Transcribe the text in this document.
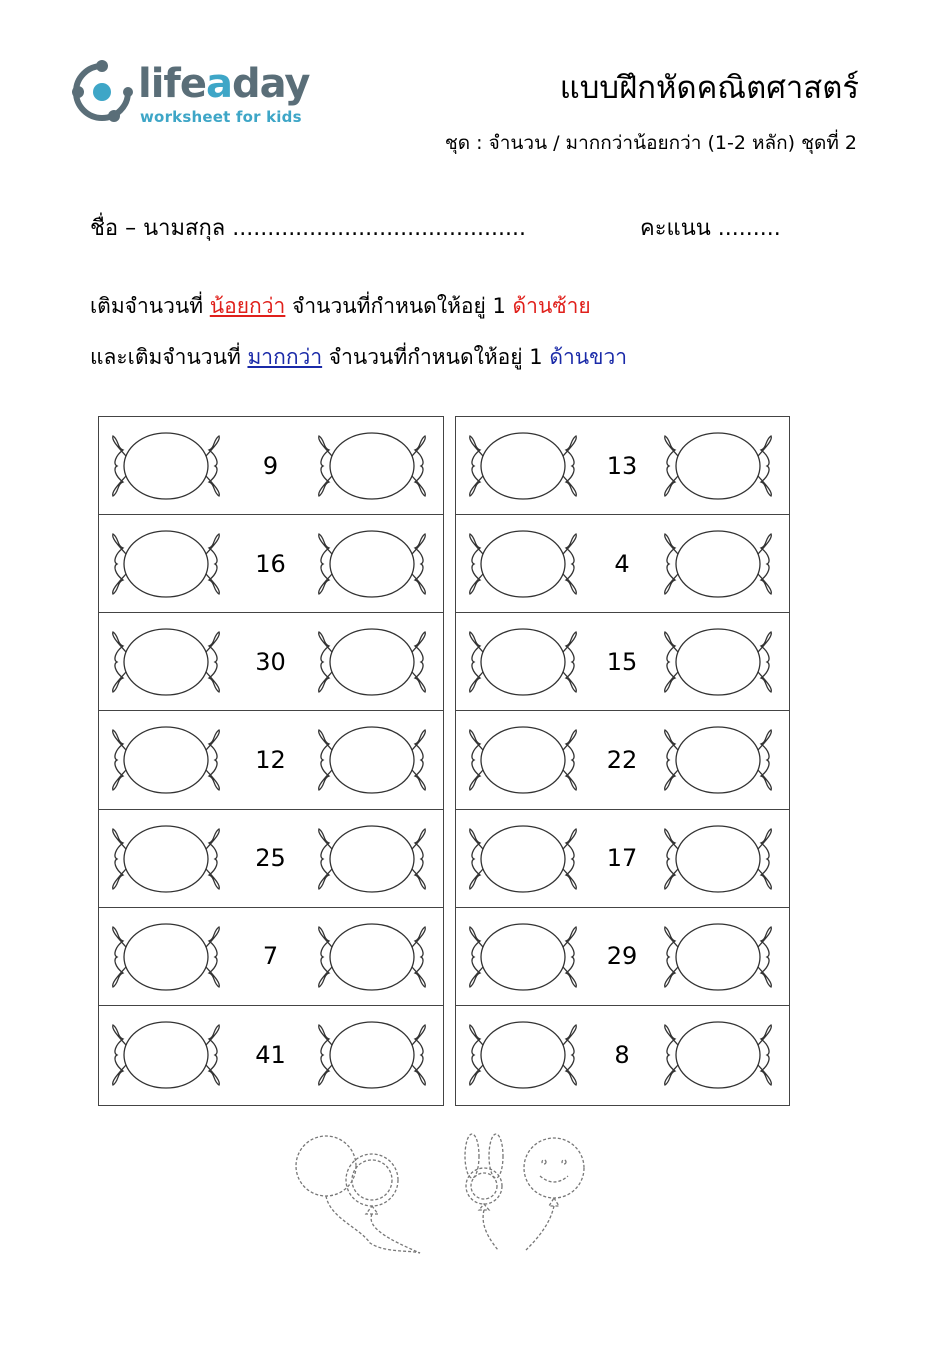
lifeaday
worksheet for kids
แบบฝึกหัดคณิตศาสตร์
ชุด : จำนวน / มากกว่าน้อยกว่า (1-2 หลัก) ชุดที่ 2
ชื่อ – นามสกุล ..........................................	คะแนน .........
เติมจำนวนที่ น้อยกว่า จำนวนที่กำหนดให้อยู่ 1 ด้านซ้าย
และเติมจำนวนที่ มากกว่า จำนวนที่กำหนดให้อยู่ 1 ด้านขวา
9
16
30
12
25
7
41
13
4
15
22
17
29
8
